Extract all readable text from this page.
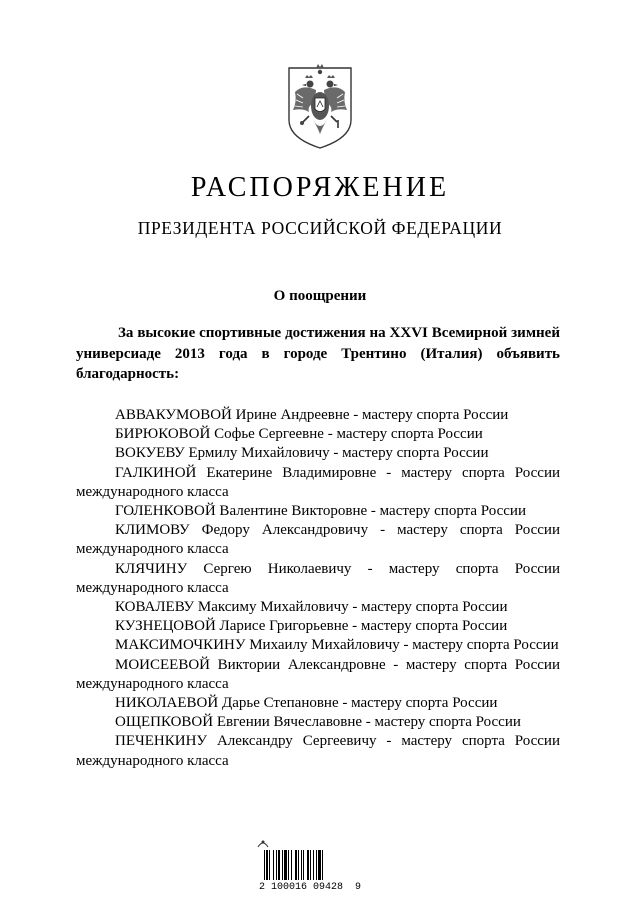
РАСПОРЯЖЕНИЕ
ПРЕЗИДЕНТА РОССИЙСКОЙ ФЕДЕРАЦИИ
О поощрении
За высокие спортивные достижения на XXVI Всемирной зимней универсиаде 2013 года в городе Трентино (Италия) объявить благодарность:
АВВАКУМОВОЙ Ирине Андреевне - мастеру спорта России
БИРЮКОВОЙ Софье Сергеевне - мастеру спорта России
ВОКУЕВУ Ермилу Михайловичу - мастеру спорта России
ГАЛКИНОЙ Екатерине Владимировне - мастеру спорта России международного класса
ГОЛЕНКОВОЙ Валентине Викторовне - мастеру спорта России
КЛИМОВУ Федору Александровичу - мастеру спорта России международного класса
КЛЯЧИНУ Сергею Николаевичу - мастеру спорта России международного класса
КОВАЛЕВУ Максиму Михайловичу - мастеру спорта России
КУЗНЕЦОВОЙ Ларисе Григорьевне - мастеру спорта России
МАКСИМОЧКИНУ Михаилу Михайловичу - мастеру спорта России
МОИСЕЕВОЙ Виктории Александровне - мастеру спорта России международного класса
НИКОЛАЕВОЙ Дарье Степановне - мастеру спорта России
ОЩЕПКОВОЙ Евгении Вячеславовне - мастеру спорта России
ПЕЧЕНКИНУ Александру Сергеевичу - мастеру спорта России международного класса
2 100016 09428  9
